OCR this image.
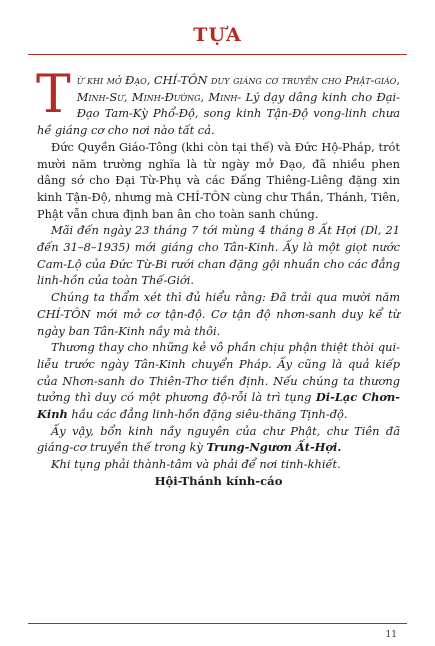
TỰA

Từ khi mở Đạo, CHÍ-TÔN duy giáng cơ truyền cho Phật-giáo, Minh-Sư, Minh-Đường, Minh- Lý dạy dâng kinh cho Đại-Đạo Tam-Kỳ Phổ-Độ, song kinh Tận-Độ vong-linh chưa hề giáng cơ cho nơi nào tất cả.

Đức Quyền Giáo-Tông (khi còn tại thế) và Đức Hộ-Pháp, trót mười năm trường nghĩa là từ ngày mở Đạo, đã nhiều phen dâng sớ cho Đại Từ-Phụ và các Đấng Thiêng-Liêng đặng xin kinh Tận-Độ, nhưng mà CHÍ-TÔN cùng chư Thần, Thánh, Tiên, Phật vẫn chưa định ban ân cho toàn sanh chúng.

Mãi đến ngày 23 tháng 7 tới mùng 4 tháng 8 Ất Hợi (Dl, 21 đến 31–8–1935) mới giáng cho Tân-Kinh. Ấy là một giọt nước Cam-Lộ của Đức Từ-Bi rưới chan đặng gội nhuần cho các đẳng linh-hồn của toàn Thế-Giới.

Chúng ta thẩm xét thì đủ hiểu rằng: Đã trải qua mười năm CHÍ-TÔN mới mở cơ tận-độ. Cơ tận độ nhơn-sanh duy kể từ ngày ban Tân-Kinh nầy mà thôi.

Thương thay cho những kẻ vô phần chịu phận thiệt thòi qui-liễu trước ngày Tân-Kinh chuyển Pháp. Ấy cũng là quả kiếp của Nhơn-sanh do Thiên-Thơ tiền định. Nếu chúng ta thương tưởng thì duy có một phương độ-rỗi là trì tụng Di-Lạc Chơn-Kinh hầu các đẳng linh-hồn đặng siêu-thăng Tịnh-độ.

Ấy vậy, bổn kinh nầy nguyên của chư Phật, chư Tiên đã giáng-cơ truyền thế trong kỳ Trung-Ngươn Ất-Hợi.

Khi tụng phải thành-tâm và phải để nơi tinh-khiết.

Hội-Thánh kính-cáo

11
